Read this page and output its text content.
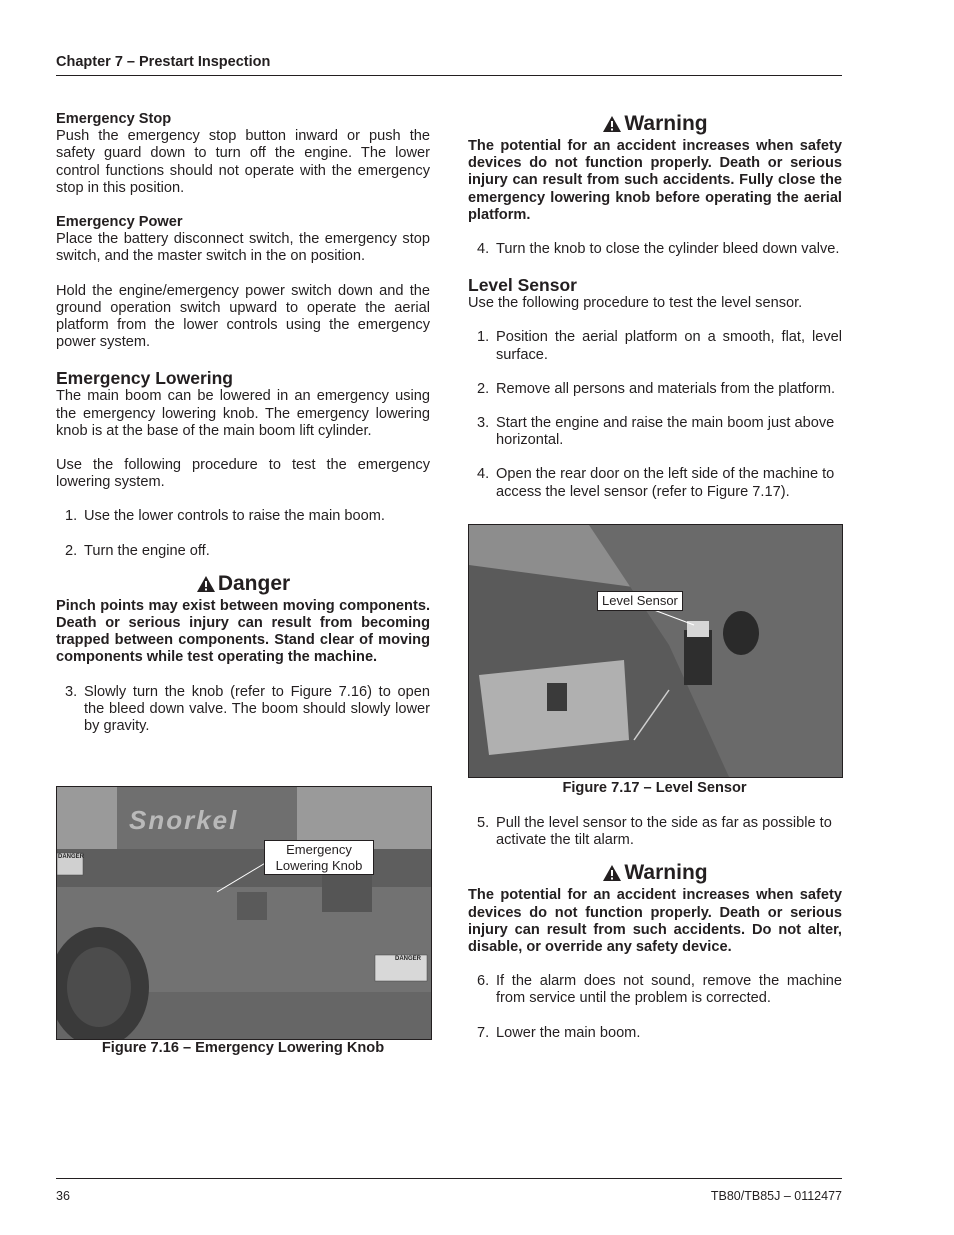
Chapter 7 – Prestart Inspection

Emergency Stop

Push the emergency stop button inward or push the safety guard down to turn off the engine. The lower control functions should not operate with the emergency stop in this position.

Emergency Power

Place the battery disconnect switch, the emergency stop switch, and the master switch in the on position.

Hold the engine/emergency power switch down and the ground operation switch upward to operate the aerial platform from the lower controls using the emergency power system.

Emergency Lowering

The main boom can be lowered in an emergency using the emergency lowering knob. The emergency lowering knob is at the base of the main boom lift cylinder.

Use the following procedure to test the emergency lowering system.

1. Use the lower controls to raise the main boom.
2. Turn the engine off.
Danger

Pinch points may exist between moving components. Death or serious injury can result from becoming trapped between components. Stand clear of moving components while test operating the machine.

3. Slowly turn the knob (refer to Figure 7.16) to open the bleed down valve. The boom should slowly lower by gravity.
Snorkel
DANGER
DANGER
Emergency
Lowering Knob
Figure 7.16 – Emergency Lowering Knob
Warning

The potential for an accident increases when safety devices do not function properly. Death or serious injury can result from such accidents. Fully close the emergency lowering knob before operating the aerial platform.

4. Turn the knob to close the cylinder bleed down valve.

Level Sensor

Use the following procedure to test the level sensor.

1. Position the aerial platform on a smooth, flat, level surface.
2. Remove all persons and materials from the platform.
3. Start the engine and raise the main boom just above horizontal.
4. Open the rear door on the left side of the machine to access the level sensor (refer to Figure 7.17).
Level Sensor
Figure 7.17 – Level Sensor
5. Pull the level sensor to the side as far as possible to activate the tilt alarm.
Warning

The potential for an accident increases when safety devices do not function properly. Death or serious injury can result from such accidents. Do not alter, disable, or override any safety device.

6. If the alarm does not sound, remove the machine from service until the problem is corrected.
7. Lower the main boom.
36	TB80/TB85J – 0112477
